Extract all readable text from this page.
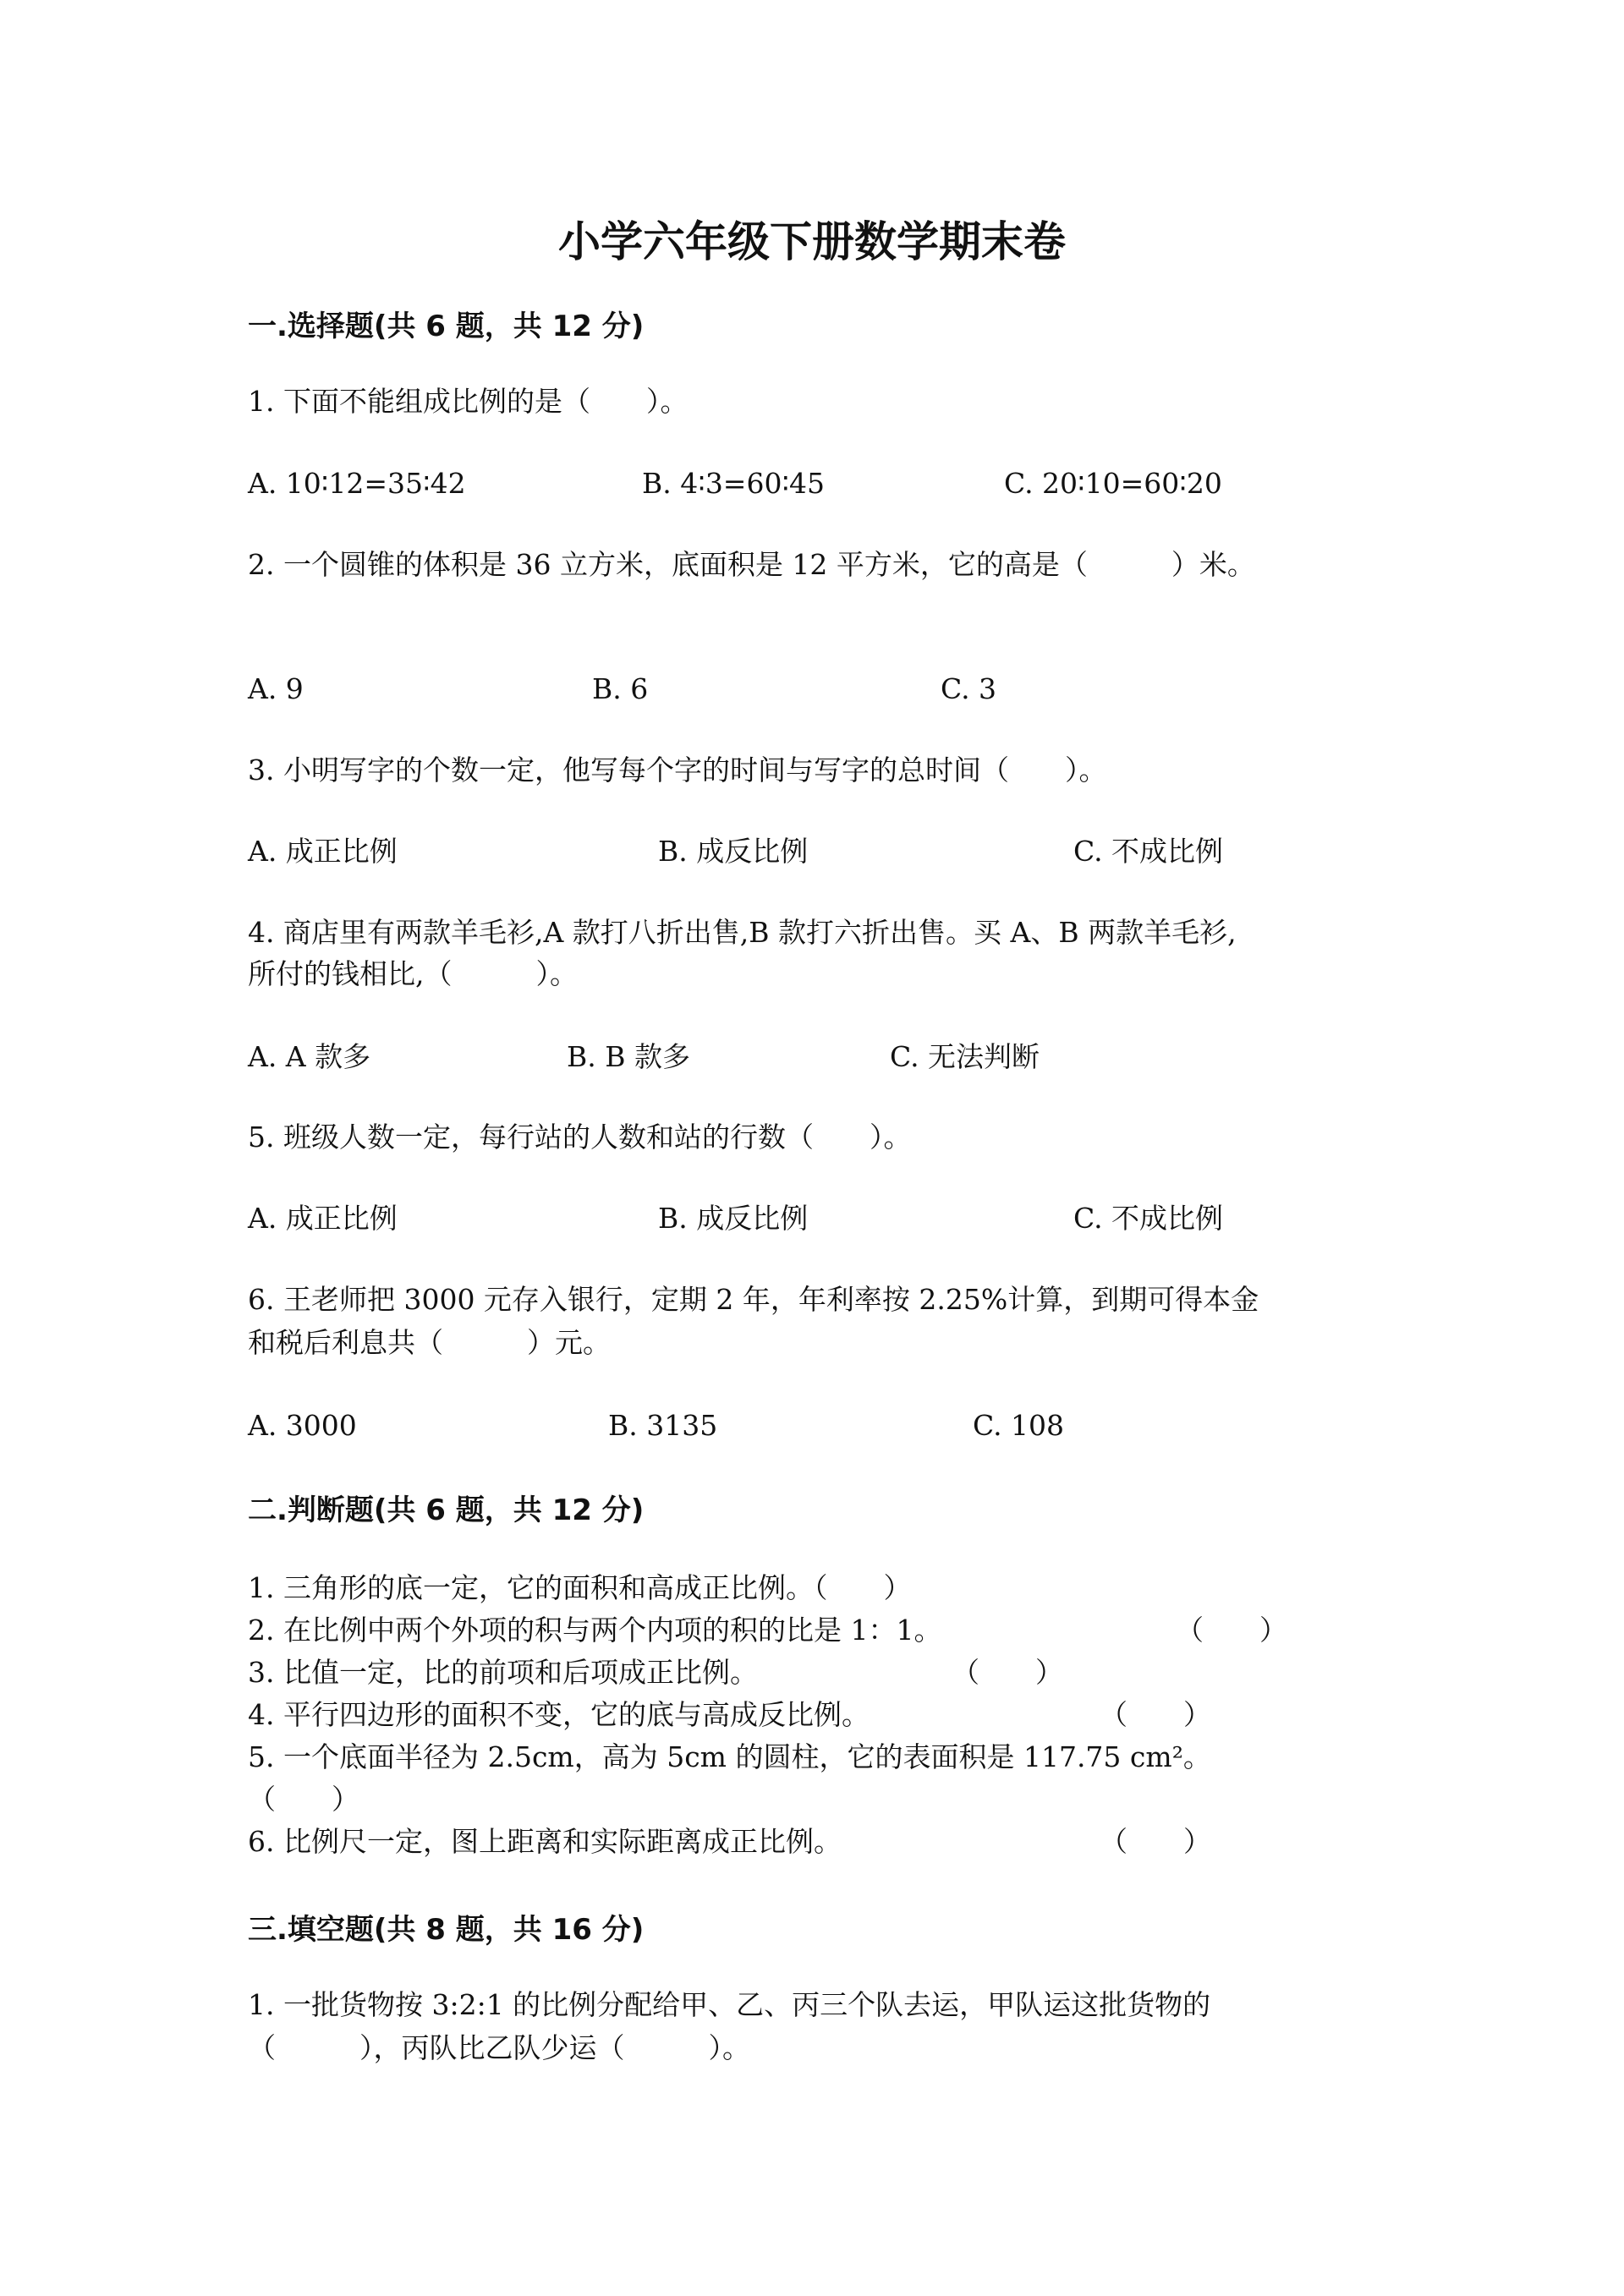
小学六年级下册数学期末卷
一.选择题(共 6 题，共 12 分)
1. 下面不能组成比例的是（　　）。
A. 10∶12=35∶42	B. 4∶3=60∶45	C. 20∶10=60∶20
2. 一个圆锥的体积是 36 立方米，底面积是 12 平方米，它的高是（　　　）米。
A. 9	B. 6	C. 3
3. 小明写字的个数一定，他写每个字的时间与写字的总时间（　　）。
A. 成正比例	B. 成反比例	C. 不成比例
4. 商店里有两款羊毛衫,A 款打八折出售,B 款打六折出售。买 A、B 两款羊毛衫,
所付的钱相比,（　　　）。
A. A 款多	B. B 款多	C. 无法判断
5. 班级人数一定，每行站的人数和站的行数（　　）。
A. 成正比例	B. 成反比例	C. 不成比例
6. 王老师把 3000 元存入银行，定期 2 年，年利率按 2.25%计算，到期可得本金
和税后利息共（　　　）元。
A. 3000	B. 3135	C. 108
二.判断题(共 6 题，共 12 分)
1. 三角形的底一定，它的面积和高成正比例。（　　）
2. 在比例中两个外项的积与两个内项的积的比是 1：1。	（　　）
3. 比值一定，比的前项和后项成正比例。	（　　）
4. 平行四边形的面积不变，它的底与高成反比例。	（　　）
5. 一个底面半径为 2.5cm，高为 5cm 的圆柱，它的表面积是 117.75 cm²。
（　　）
6. 比例尺一定，图上距离和实际距离成正比例。	（　　）
三.填空题(共 8 题，共 16 分)
1. 一批货物按 3:2:1 的比例分配给甲、乙、丙三个队去运，甲队运这批货物的
（　　　），丙队比乙队少运（　　　）。
